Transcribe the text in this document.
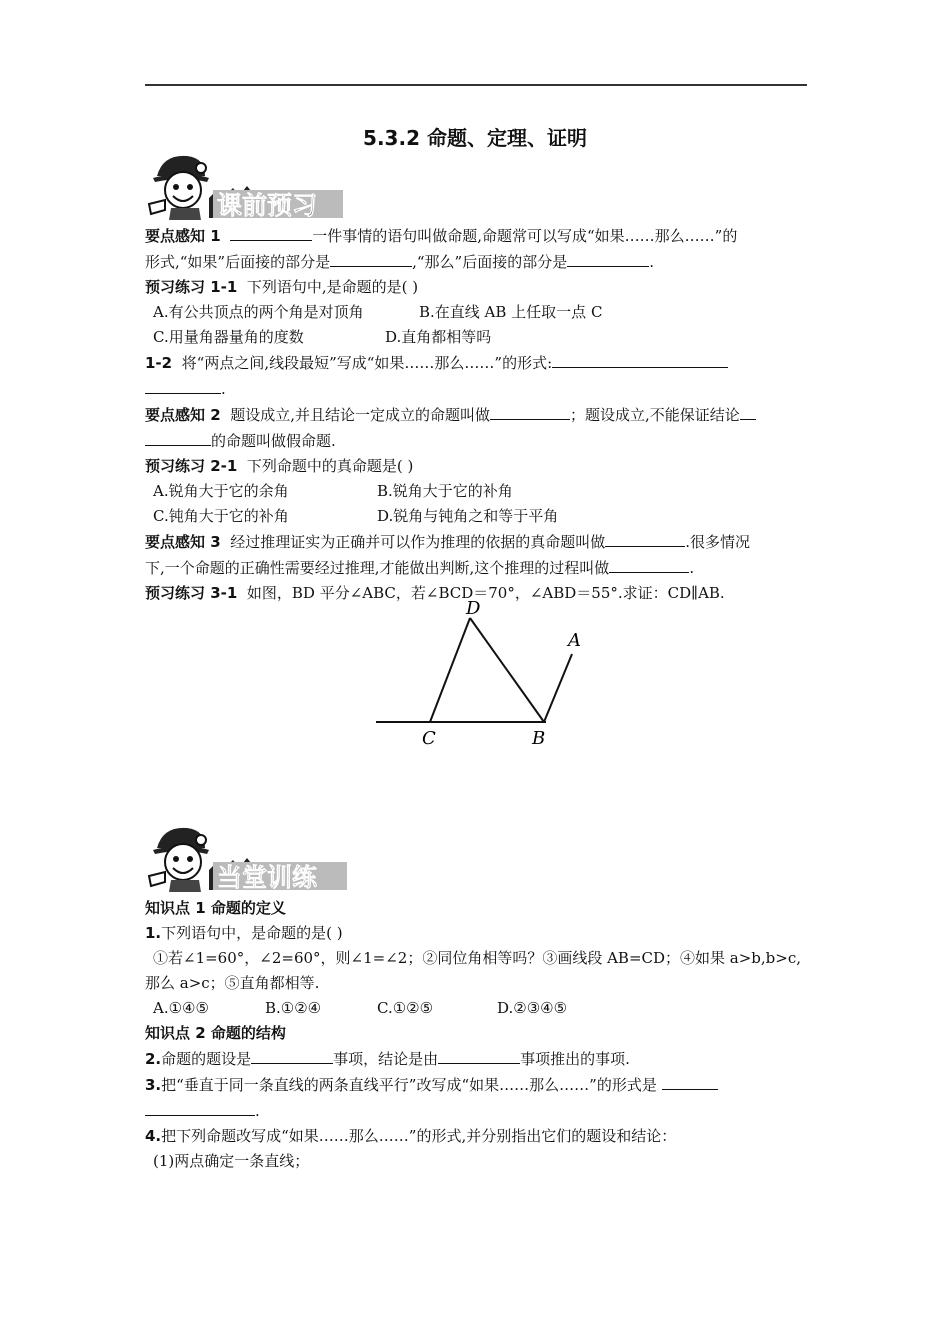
5.3.2 命题、定理、证明
课前预习

要点感知 1	一件事情的语句叫做命题,命题常可以写成“如果……那么……”的

形式,“如果”后面接的部分是	,“那么”后面接的部分是	.

预习练习 1-1 下列语句中,是命题的是( )

A.有公共顶点的两个角是对顶角	B.在直线 AB 上任取一点 C

C.用量角器量角的度数	D.直角都相等吗

1-2 将“两点之间,线段最短”写成“如果……那么……”的形式:

.

要点感知 2 题设成立,并且结论一定成立的命题叫做	；题设成立,不能保证结论

的命题叫做假命题.

预习练习 2-1 下列命题中的真命题是( )

A.锐角大于它的余角	B.锐角大于它的补角

C.钝角大于它的补角	D.锐角与钝角之和等于平角

要点感知 3 经过推理证实为正确并可以作为推理的依据的真命题叫做	.很多情况

下,一个命题的正确性需要经过推理,才能做出判断,这个推理的过程叫做	.

预习练习 3-1 如图，BD 平分∠ABC，若∠BCD＝70°，∠ABD＝55°.求证：CD∥AB.

D
A
C	B
当堂训练

知识点 1 命题的定义

1.下列语句中，是命题的是( )

①若∠1=60°，∠2=60°，则∠1=∠2；②同位角相等吗？③画线段 AB=CD；④如果 a>b,b>c,

那么 a>c；⑤直角都相等.

A.①④⑤	B.①②④	C.①②⑤	D.②③④⑤

知识点 2 命题的结构

2.命题的题设是	事项，结论是由	事项推出的事项.

3.把“垂直于同一条直线的两条直线平行”改写成“如果……那么……”的形式是

.

4.把下列命题改写成“如果……那么……”的形式,并分别指出它们的题设和结论：

(1)两点确定一条直线；
